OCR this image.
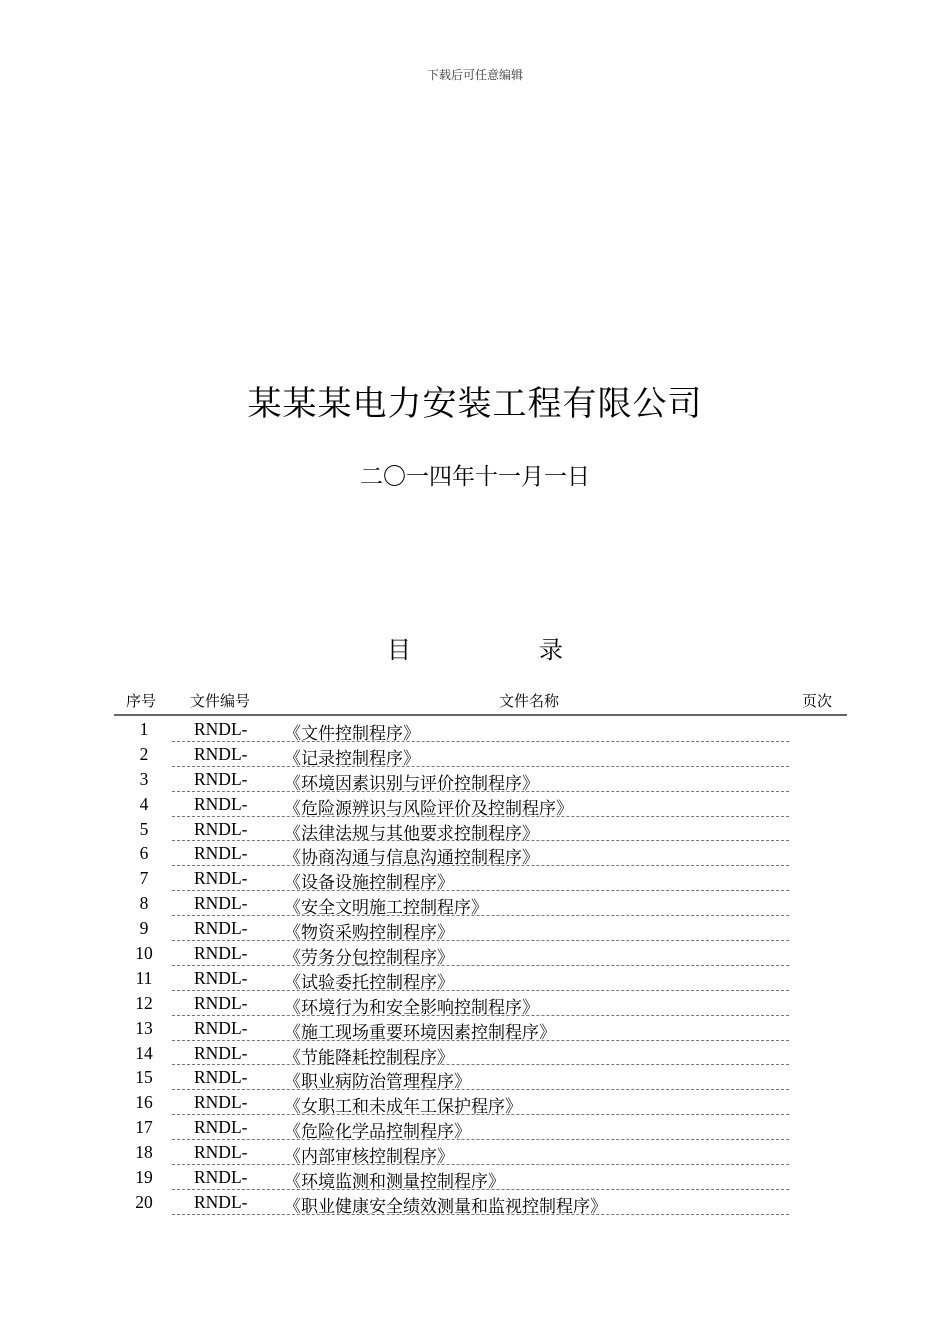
下载后可任意编辑
某某某电力安装工程有限公司
二〇一四年十一月一日
目	录
序号 文件编号	文件名称	页次
1	RNDL- 《文件控制程序》
2	RNDL- 《记录控制程序》
3	RNDL- 《环境因素识别与评价控制程序》
4	RNDL- 《危险源辨识与风险评价及控制程序》
5	RNDL- 《法律法规与其他要求控制程序》
6	RNDL- 《协商沟通与信息沟通控制程序》
7	RNDL- 《设备设施控制程序》
8	RNDL- 《安全文明施工控制程序》
9	RNDL- 《物资采购控制程序》
10	RNDL- 《劳务分包控制程序》
11	RNDL- 《试验委托控制程序》
12	RNDL- 《环境行为和安全影响控制程序》
13	RNDL- 《施工现场重要环境因素控制程序》
14	RNDL- 《节能降耗控制程序》
15	RNDL- 《职业病防治管理程序》
16	RNDL- 《女职工和未成年工保护程序》
17	RNDL- 《危险化学品控制程序》
18	RNDL- 《内部审核控制程序》
19	RNDL- 《环境监测和测量控制程序》
20	RNDL- 《职业健康安全绩效测量和监视控制程序》
